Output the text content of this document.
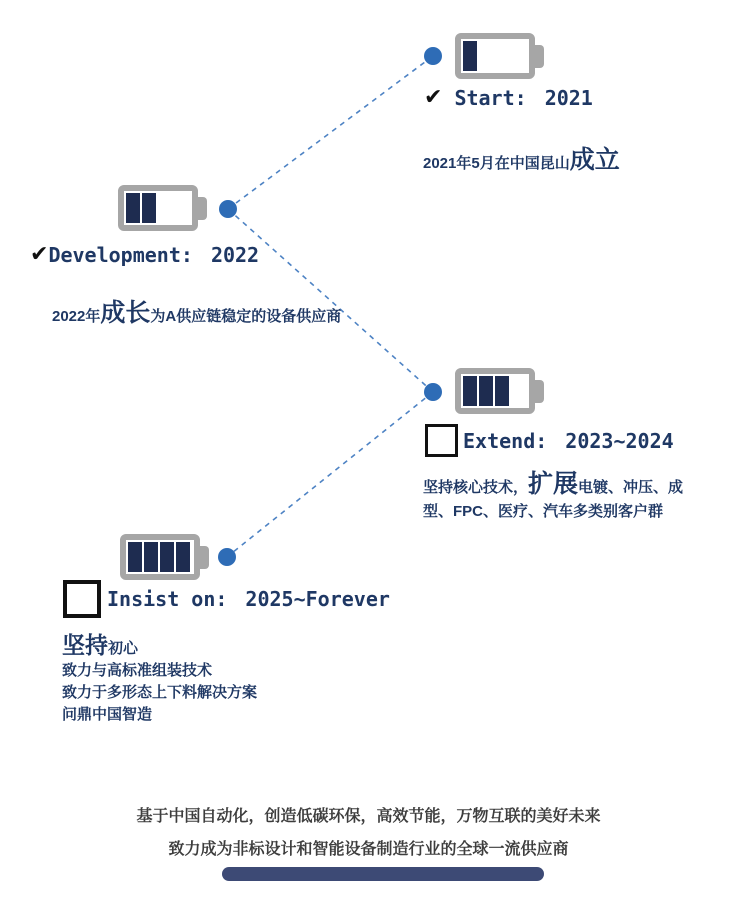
✔ Start: 2021
2021年5月在中国昆山成立
✔ Development: 2022
2022年成长为A供应链稳定的设备供应商
Extend: 2023~2024
坚持核心技术，扩展电镀、冲压、成
型、FPC、医疗、汽车多类别客户群
Insist on: 2025~Forever
坚持初心
致力与高标准组装技术
致力于多形态上下料解决方案
问鼎中国智造
基于中国自动化，创造低碳环保，高效节能，万物互联的美好未来
致力成为非标设计和智能设备制造行业的全球一流供应商
